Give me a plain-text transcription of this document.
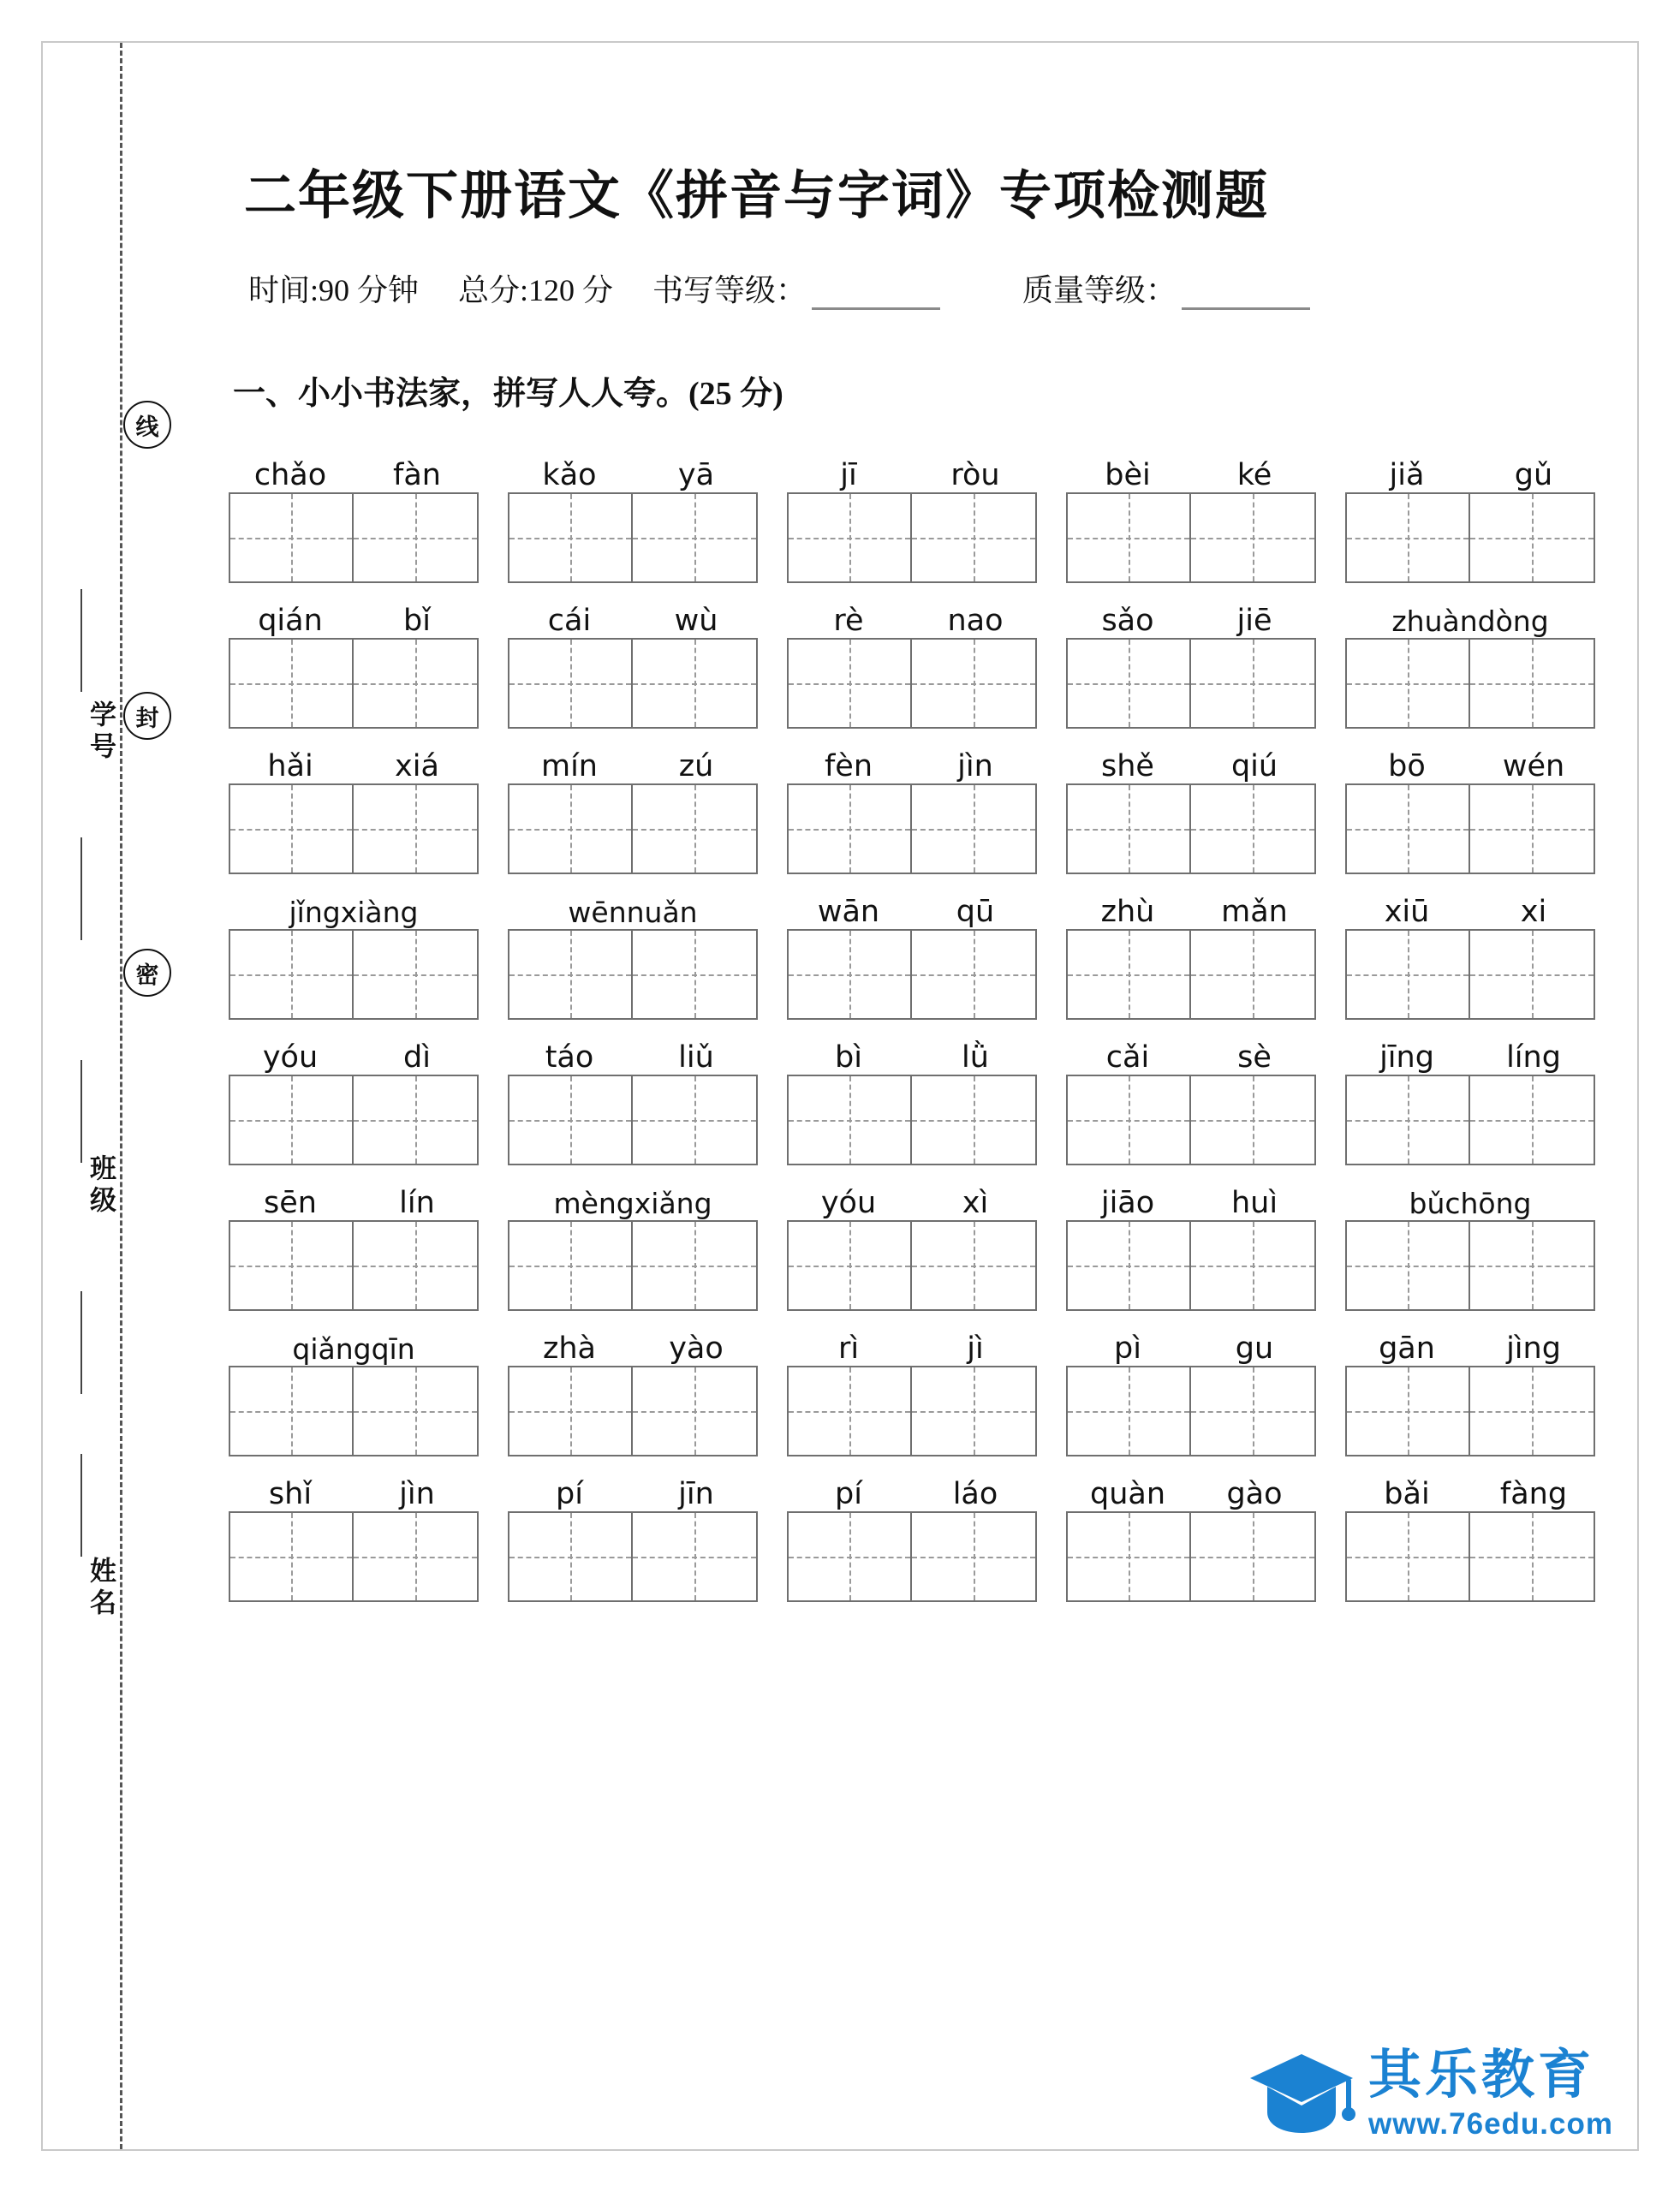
学号
班级
姓名
线
封
密
二年级下册语文《拼音与字词》专项检测题
时间:90 分钟 总分:120 分 书写等级：	质量等级：
一、小小书法家，拼写人人夸。(25 分)
chǎo	fàn	kǎo	yā	jī	ròu	bèi	ké	jiǎ	gǔ
qián	bǐ	cái	wù	rè	nao	sǎo	jiē	zhuàn dòng
hǎi	xiá	mín	zú	fèn	jìn	shě	qiú	bō	wén
jǐng xiàng	wēn nuǎn	wān	qū	zhù	mǎn	xiū	xi
yóu	dì	táo	liǔ	bì	lǜ	cǎi	sè	jīng	líng
sēn	lín	mèng xiǎng	yóu	xì	jiāo	huì	bǔ chōng
qiǎng qīn	zhà	yào	rì	jì	pì	gu	gān	jìng
shǐ	jìn	pí	jīn	pí	láo	quàn	gào	bǎi	fàng
其乐教育
www.76edu.com
